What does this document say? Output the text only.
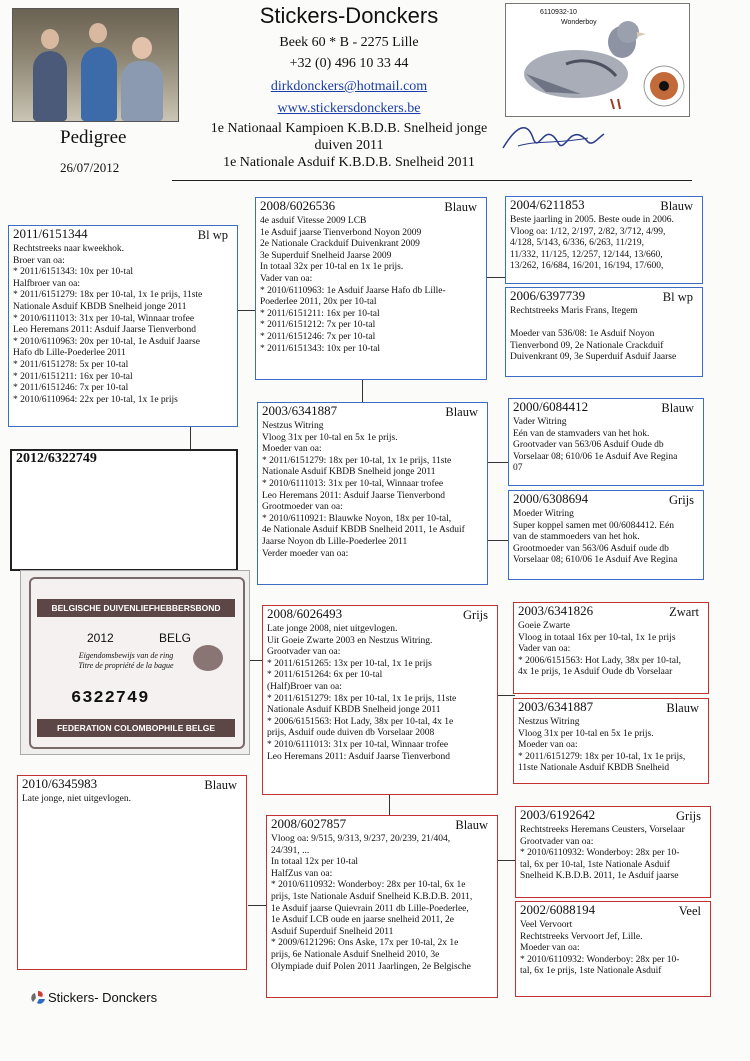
Stickers-Donckers
Beek 60 * B - 2275 Lille
+32 (0) 496 10 33 44
dirkdonckers@hotmail.com
www.stickersdonckers.be
1e Nationaal Kampioen K.B.D.B. Snelheid jonge
duiven 2011
1e Nationale Asduif K.B.D.B. Snelheid 2011
Pedigree
26/07/2012
6110932-10
Wonderboy
2011/6151344	Bl wp
Rechtstreeks naar kweekhok.
Broer van oa:
* 2011/6151343: 10x per 10-tal
Halfbroer van oa:
* 2011/6151279: 18x per 10-tal, 1x 1e prijs, 11ste
Nationale Asduif KBDB Snelheid jonge 2011
* 2010/6111013: 31x per 10-tal, Winnaar trofee
Leo Heremans 2011: Asduif Jaarse Tienverbond
* 2010/6110963: 20x per 10-tal, 1e Asduif Jaarse
Hafo db Lille-Poederlee 2011
* 2011/6151278: 5x per 10-tal
* 2011/6151211: 16x per 10-tal
* 2011/6151246: 7x per 10-tal
* 2010/6110964: 22x per 10-tal, 1x 1e prijs
2008/6026536	Blauw
4e asduif Vitesse 2009 LCB
1e Asduif jaarse Tienverbond Noyon 2009
2e Nationale Crackduif Duivenkrant 2009
3e Superduif Snelheid Jaarse 2009
In totaal 32x per 10-tal en 1x 1e prijs.
Vader van oa:
* 2010/6110963: 1e Asduif Jaarse Hafo db Lille-
Poederlee 2011, 20x per 10-tal
* 2011/6151211: 16x per 10-tal
* 2011/6151212: 7x per 10-tal
* 2011/6151246: 7x per 10-tal
* 2011/6151343: 10x per 10-tal
2004/6211853	Blauw
Beste jaarling in 2005. Beste oude in 2006.
Vloog oa: 1/12, 2/197, 2/82, 3/712, 4/99,
4/128, 5/143, 6/336, 6/263, 11/219,
11/332, 11/125, 12/257, 12/144, 13/660,
13/262, 16/684, 16/201, 16/194, 17/600,
2006/6397739	Bl wp
Rechtstreeks Maris Frans, Itegem

Moeder van 536/08: 1e Asduif Noyon
Tienverbond 09, 2e Nationale Crackduif
Duivenkrant 09, 3e Superduif Asduif Jaarse
2003/6341887	Blauw
Nestzus Witring
Vloog 31x per 10-tal en 5x 1e prijs.
Moeder van oa:
* 2011/6151279: 18x per 10-tal, 1x 1e prijs, 11ste
Nationale Asduif KBDB Snelheid jonge 2011
* 2010/6111013: 31x per 10-tal, Winnaar trofee
Leo Heremans 2011: Asduif Jaarse Tienverbond
Grootmoeder van oa:
* 2010/6110921: Blauwke Noyon, 18x per 10-tal,
4e Nationale Asduif KBDB Snelheid 2011, 1e Asduif
Jaarse Noyon db Lille-Poederlee 2011
Verder moeder van oa:
2000/6084412	Blauw
Vader Witring
Eén van de stamvaders van het hok.
Grootvader van 563/06 Asduif Oude db
Vorselaar 08; 610/06 1e Asduif Ave Regina
07
2000/6308694	Grijs
Moeder Witring
Super koppel samen met 00/6084412. Eén
van de stammoeders van het hok.
Grootmoeder van 563/06 Asduif oude db
Vorselaar 08; 610/06 1e Asduif Ave Regina
2012/6322749
BELGISCHE DUIVENLIEFHEBBERSBOND
2012	BELG
Eigendomsbewijs van de ring
Titre de propriété de la bague
6322749
FEDERATION COLOMBOPHILE BELGE
2010/6345983	Blauw
Late jonge, niet uitgevlogen.
2008/6026493	Grijs
Late jonge 2008, niet uitgevlogen.
Uit Goeie Zwarte 2003 en Nestzus Witring.
Grootvader van oa:
* 2011/6151265: 13x per 10-tal, 1x 1e prijs
* 2011/6151264: 6x per 10-tal
(Half)Broer van oa:
* 2011/6151279: 18x per 10-tal, 1x 1e prijs, 11ste
Nationale Asduif KBDB Snelheid jonge 2011
* 2006/6151563: Hot Lady, 38x per 10-tal, 4x 1e
prijs, Asduif oude duiven db Vorselaar 2008
* 2010/6111013: 31x per 10-tal, Winnaar trofee
Leo Heremans 2011: Asduif Jaarse Tienverbond
2003/6341826	Zwart
Goeie Zwarte
Vloog in totaal 16x per 10-tal, 1x 1e prijs
Vader van oa:
* 2006/6151563: Hot Lady, 38x per 10-tal,
4x 1e prijs, 1e Asduif Oude db Vorselaar
2003/6341887	Blauw
Nestzus Witring
Vloog 31x per 10-tal en 5x 1e prijs.
Moeder van oa:
* 2011/6151279: 18x per 10-tal, 1x 1e prijs,
11ste Nationale Asduif KBDB Snelheid
2008/6027857	Blauw
Vloog oa: 9/515, 9/313, 9/237, 20/239, 21/404,
24/391, ...
In totaal 12x per 10-tal
HalfZus van oa:
* 2010/6110932: Wonderboy: 28x per 10-tal, 6x 1e
prijs, 1ste Nationale Asduif Snelheid K.B.D.B. 2011,
1e Asduif jaarse Quievrain 2011 db Lille-Poederlee,
1e Asduif LCB oude en jaarse snelheid 2011, 2e
Asduif Superduif Snelheid 2011
* 2009/6121296: Ons Aske, 17x per 10-tal, 2x 1e
prijs, 6e Nationale Asduif Snelheid 2010, 3e
Olympiade duif Polen 2011 Jaarlingen, 2e Belgische
2003/6192642	Grijs
Rechtstreeks Heremans Ceusters, Vorselaar
Grootvader van oa:
* 2010/6110932: Wonderboy: 28x per 10-
tal, 6x per 10-tal, 1ste Nationale Asduif
Snelheid K.B.D.B. 2011, 1e Asduif jaarse
2002/6088194	Veel
Veel Vervoort
Rechtstreeks Vervoort Jef, Lille.
Moeder van oa:
* 2010/6110932: Wonderboy: 28x per 10-
tal, 6x 1e prijs, 1ste Nationale Asduif
Stickers- Donckers
